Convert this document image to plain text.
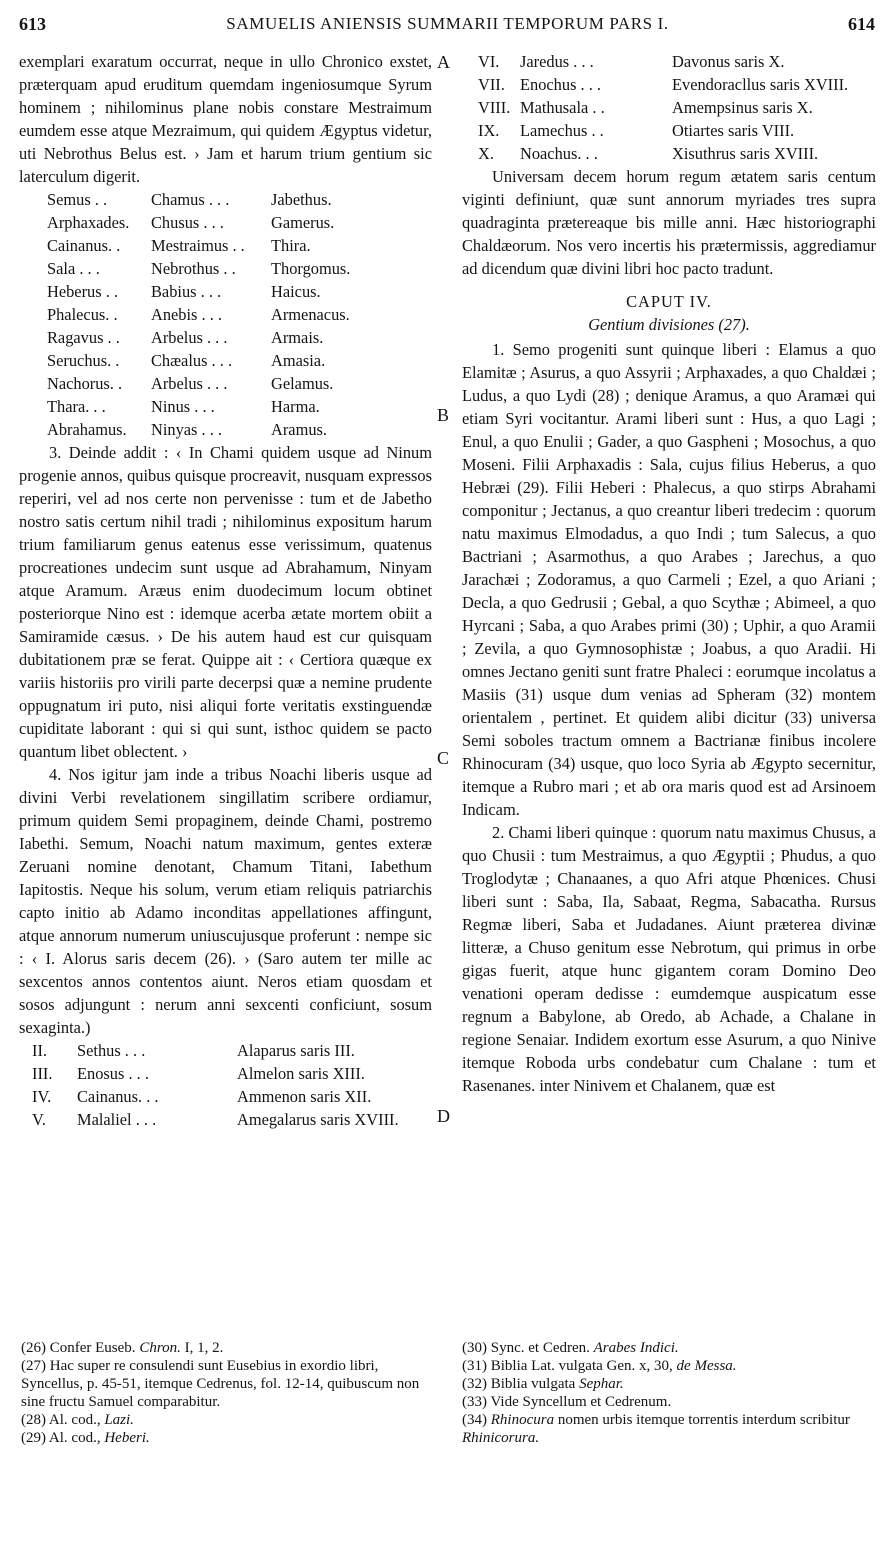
613	SAMUELIS ANIENSIS SUMMARII TEMPORUM PARS I.	614
A
B
C
D

exemplari exaratum occurrat, neque in ullo Chronico exstet, præterquam apud eruditum quemdam ingeniosumque Syrum hominem ; nihilominus plane nobis constare Mestraimum eumdem esse atque Mezraimum, qui quidem Ægyptus videtur, uti Nebrothus Belus est. › Jam et harum trium gentium sic laterculum digerit.

Semus . .	Chamus . . .	Jabethus.
Arphaxades.	Chusus . . .	Gamerus.
Cainanus. .	Mestraimus . .	Thira.
Sala . . .	Nebrothus . .	Thorgomus.
Heberus . .	Babius . . .	Haicus.
Phalecus. .	Anebis . . .	Armenacus.
Ragavus . .	Arbelus . . .	Armais.
Seruchus. .	Chæalus . . .	Amasia.
Nachorus. .	Arbelus . . .	Gelamus.
Thara. . .	Ninus . . .	Harma.
Abrahamus.	Ninyas . . .	Aramus.

3. Deinde addit : ‹ In Chami quidem usque ad Ninum progenie annos, quibus quisque procreavit, nusquam expressos reperiri, vel ad nos certe non pervenisse : tum et de Jabetho nostro satis certum nihil tradi ; nihilominus expositum harum trium familiarum genus eatenus esse verissimum, quatenus procreationes undecim sunt usque ad Abrahamum, Ninyam atque Aramum. Aræus enim duodecimum locum obtinet posteriorque Nino est : idemque acerba ætate mortem obiit a Samiramide cæsus. › De his autem haud est cur quisquam dubitationem præ se ferat. Quippe ait : ‹ Certiora quæque ex variis historiis pro virili parte decerpsi quæ a nemine prudente oppugnatum iri puto, nisi aliqui forte veritatis exstinguendæ cupiditate laborant : qui si qui sunt, isthoc quidem se pacto quantum libet oblectent. ›

4. Nos igitur jam inde a tribus Noachi liberis usque ad divini Verbi revelationem singillatim scribere ordiamur, primum quidem Semi propaginem, deinde Chami, postremo Iabethi. Semum, Noachi natum maximum, gentes exteræ Zeruani nomine denotant, Chamum Titani, Iabethum Iapitostis. Neque his solum, verum etiam reliquis patriarchis capto initio ab Adamo inconditas appellationes affingunt, atque annorum numerum uniuscujusque proferunt : nempe sic : ‹ I. Alorus saris decem (26). › (Saro autem ter mille ac sexcentos annos contentos aiunt. Neros etiam quosdam et sosos adjungunt : nerum anni sexcenti conficiunt, sosum sexaginta.)

II.	Sethus . . .	Alaparus saris III.
III.	Enosus . . .	Almelon saris XIII.
IV.	Cainanus. . .	Ammenon saris XII.
V.	Malaliel . . .	Amegalarus saris XVIII.
VI.	Jaredus . . .	Davonus saris X.
VII.	Enochus . . .	Evendoracllus saris XVIII.
VIII.	Mathusala . .	Amempsinus saris X.
IX.	Lamechus . .	Otiartes saris VIII.
X.	Noachus. . .	Xisuthrus saris XVIII.

Universam decem horum regum ætatem saris centum viginti definiunt, quæ sunt annorum myriades tres supra quadraginta prætereaque bis mille anni. Hæc historiographi Chaldæorum. Nos vero incertis his prætermissis, aggrediamur ad dicendum quæ divini libri hoc pacto tradunt.

CAPUT IV.

Gentium divisiones (27).

1. Semo progeniti sunt quinque liberi : Elamus a quo Elamitæ ; Asurus, a quo Assyrii ; Arphaxades, a quo Chaldæi ; Ludus, a quo Lydi (28) ; denique Aramus, a quo Aramæi qui etiam Syri vocitantur. Arami liberi sunt : Hus, a quo Lagi ; Enul, a quo Enulii ; Gader, a quo Gaspheni ; Mosochus, a quo Moseni. Filii Arphaxadis : Sala, cujus filius Heberus, a quo Hebræi (29). Filii Heberi : Phalecus, a quo stirps Abrahami componitur ; Jectanus, a quo creantur liberi tredecim : quorum natu maximus Elmodadus, a quo Indi ; tum Salecus, a quo Bactriani ; Asarmothus, a quo Arabes ; Jarechus, a quo Jarachæi ; Zodoramus, a quo Carmeli ; Ezel, a quo Ariani ; Decla, a quo Gedrusii ; Gebal, a quo Scythæ ; Abimeel, a quo Hyrcani ; Saba, a quo Arabes primi (30) ; Uphir, a quo Aramii ; Zevila, a quo Gymnosophistæ ; Joabus, a quo Aradii. Hi omnes Jectano geniti sunt fratre Phaleci : eorumque incolatus a Masiis (31) usque dum venias ad Spheram (32) montem orientalem , pertinet. Et quidem alibi dicitur (33) universa Semi soboles tractum omnem a Bactrianæ finibus incolere Rhinocuram (34) usque, quo loco Syria ab Ægypto secernitur, itemque a Rubro mari ; et ab ora maris quod est ad Arsinoem Indicam.

2. Chami liberi quinque : quorum natu maximus Chusus, a quo Chusii : tum Mestraimus, a quo Ægyptii ; Phudus, a quo Troglodytæ ; Chanaanes, a quo Afri atque Phœnices. Chusi liberi sunt : Saba, Ila, Sabaat, Regma, Sabacatha. Rursus Regmæ liberi, Saba et Judadanes. Aiunt præterea divinæ litteræ, a Chuso genitum esse Nebrotum, qui primus in orbe gigas fuerit, atque hunc gigantem coram Domino Deo venationi operam dedisse : eumdemque auspicatum esse regnum a Babylone, ab Oredo, ab Achade, a Chalane in regione Senaiar. Indidem exortum esse Asurum, a quo Ninive itemque Roboda urbs condebatur cum Chalane : tum et Rasenanes. inter Ninivem et Chalanem, quæ est

(26) Confer Euseb. Chron. I, 1, 2.

(27) Hac super re consulendi sunt Eusebius in exordio libri, Syncellus, p. 45-51, itemque Cedrenus, fol. 12-14, quibuscum non sine fructu Samuel comparabitur.

(28) Al. cod., Lazi.

(29) Al. cod., Heberi.

(30) Sync. et Cedren. Arabes Indici.

(31) Biblia Lat. vulgata Gen. x, 30, de Messa.

(32) Biblia vulgata Sephar.

(33) Vide Syncellum et Cedrenum.

(34) Rhinocura nomen urbis itemque torrentis interdum scribitur Rhinicorura.
